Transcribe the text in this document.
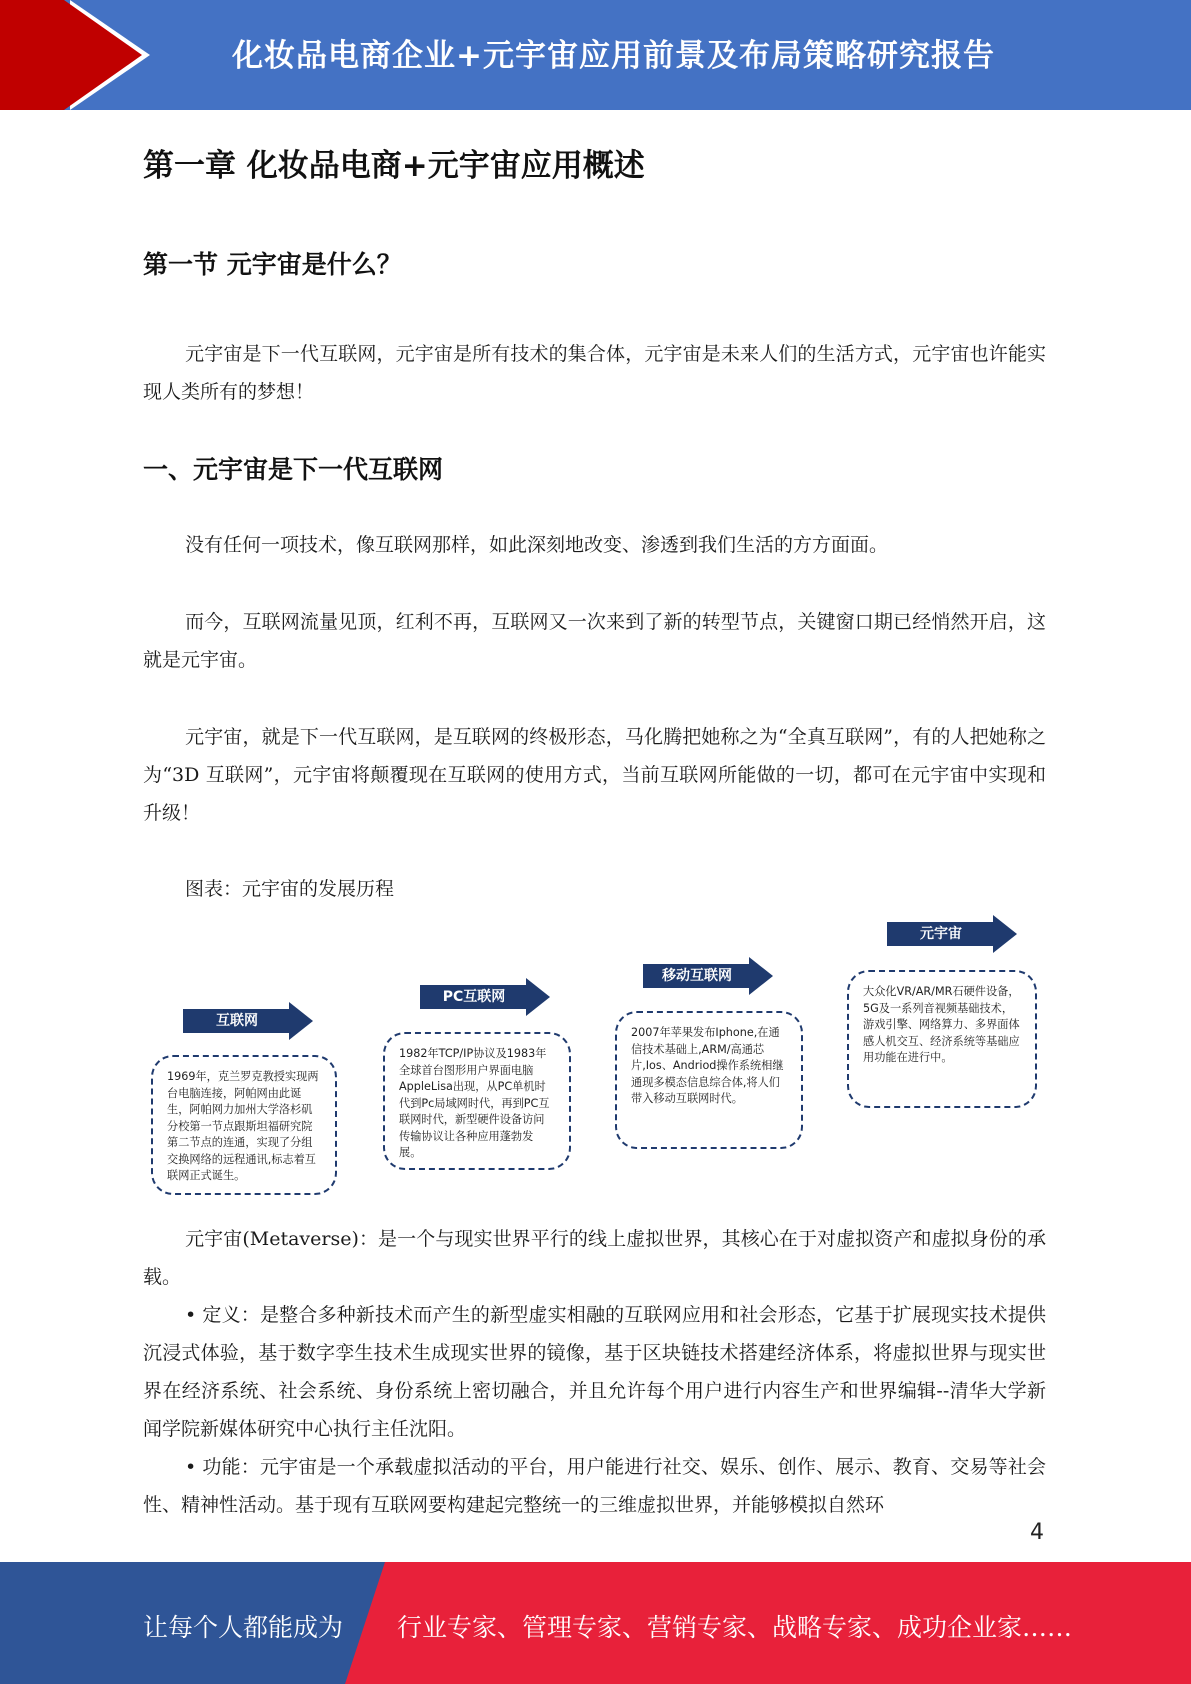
化妆品电商企业+元宇宙应用前景及布局策略研究报告
第一章 化妆品电商+元宇宙应用概述
第一节 元宇宙是什么？

元宇宙是下一代互联网，元宇宙是所有技术的集合体，元宇宙是未来人们的生活方式，元宇宙也许能实现人类所有的梦想！

一、元宇宙是下一代互联网

没有任何一项技术，像互联网那样，如此深刻地改变、渗透到我们生活的方方面面。

而今，互联网流量见顶，红利不再，互联网又一次来到了新的转型节点，关键窗口期已经悄然开启，这就是元宇宙。

元宇宙，就是下一代互联网，是互联网的终极形态，马化腾把她称之为“全真互联网”，有的人把她称之为“3D 互联网”，元宇宙将颠覆现在互联网的使用方式，当前互联网所能做的一切，都可在元宇宙中实现和升级！

图表：元宇宙的发展历程

互联网
1969年，克兰罗克教授实现两台电脑连接，阿帕网由此诞生，阿帕网力加州大学洛杉矶分校第一节点跟斯坦福研究院第二节点的连通，实现了分组交换网络的远程通讯,标志着互联网正式诞生。
PC互联网
1982年TCP/IP协议及1983年全球首台图形用户界面电脑AppleLisa出现，从PC单机时代到Pc局域网时代，再到PC互联网时代，新型硬件设备访问传输协议让各种应用蓬勃发展。
移动互联网
2007年苹果发布Iphone,在通信技术基础上,ARM/高通芯片,Ios、Andriod操作系统相继通现多模态信息综合体,将人们带入移动互联网时代。
元宇宙
大众化VR/AR/MR石硬件设备，5G及一系列音视频基础技术，游戏引擎、网络算力、多界面体感人机交互、经济系统等基础应用功能在进行中。

元宇宙(Metaverse)：是一个与现实世界平行的线上虚拟世界，其核心在于对虚拟资产和虚拟身份的承载。

• 定义：是整合多种新技术而产生的新型虚实相融的互联网应用和社会形态，它基于扩展现实技术提供沉浸式体验，基于数字孪生技术生成现实世界的镜像，基于区块链技术搭建经济体系，将虚拟世界与现实世界在经济系统、社会系统、身份系统上密切融合，并且允许每个用户进行内容生产和世界编辑--清华大学新闻学院新媒体研究中心执行主任沈阳。

• 功能：元宇宙是一个承载虚拟活动的平台，用户能进行社交、娱乐、创作、展示、教育、交易等社会性、精神性活动。基于现有互联网要构建起完整统一的三维虚拟世界，并能够模拟自然环

4
让每个人都能成为 行业专家、管理专家、营销专家、战略专家、成功企业家……
